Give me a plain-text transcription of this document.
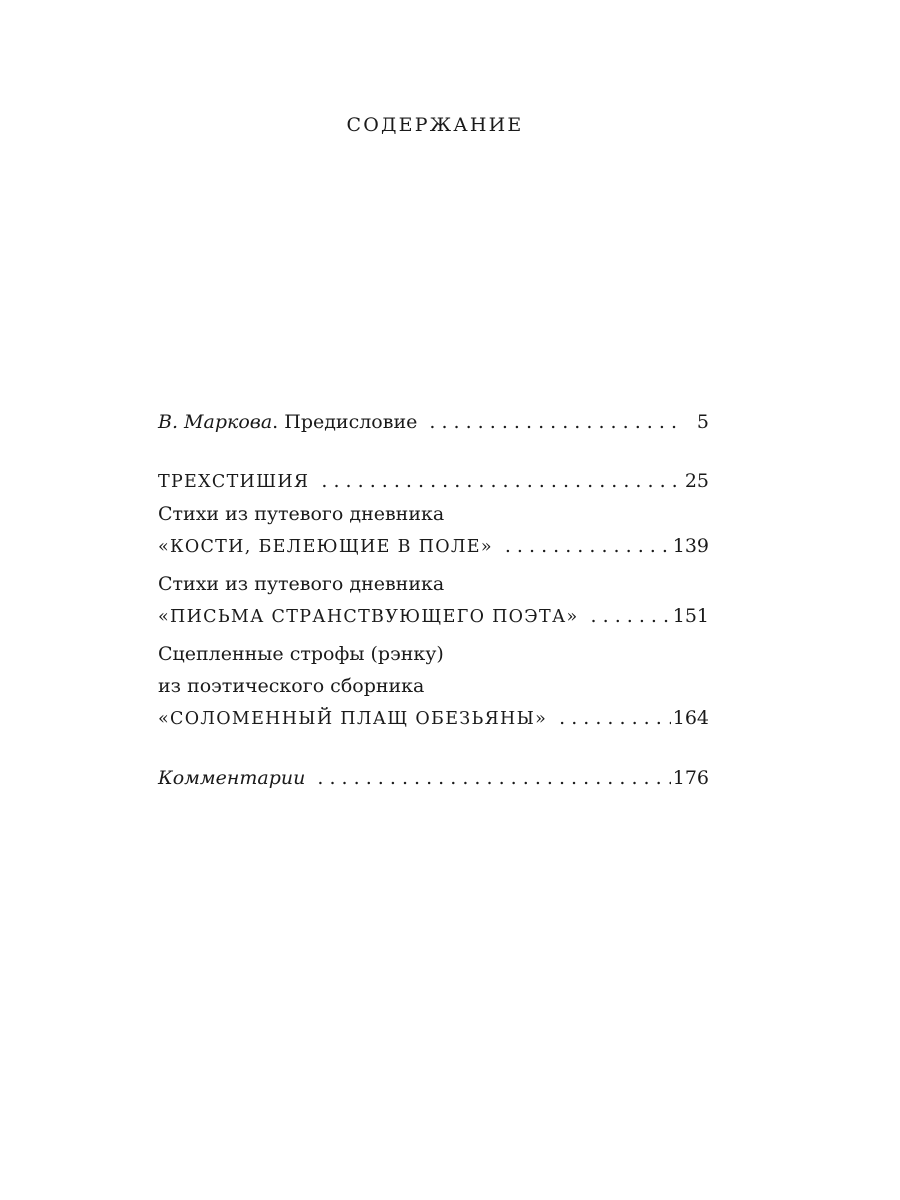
СОДЕРЖАНИЕ
В. Маркова. Предисловие . . .	5
ТРЕХСТИШИЯ . . .	25
Стихи из путевого дневника
«КОСТИ, БЕЛЕЮЩИЕ В ПОЛЕ» . . .	139
Стихи из путевого дневника
«ПИСЬМА СТРАНСТВУЮЩЕГО ПОЭТА» . . .	151
Сцепленные строфы (рэнку)
из поэтического сборника
«СОЛОМЕННЫЙ ПЛАЩ ОБЕЗЬЯНЫ» . . .	164
Комментарии . . .	176
